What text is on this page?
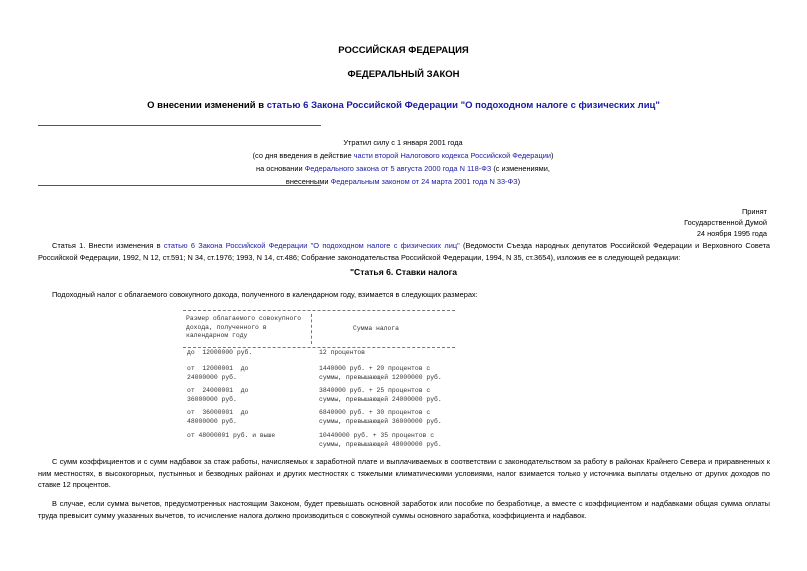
РОССИЙСКАЯ ФЕДЕРАЦИЯ
ФЕДЕРАЛЬНЫЙ ЗАКОН
О внесении изменений в статью 6 Закона Российской Федерации "О подоходном налоге с физических лиц"
Утратил силу с 1 января 2001 года
(со дня введения в действие части второй Налогового кодекса Российской Федерации)
на основании Федерального закона от 5 августа 2000 года N 118-ФЗ (с изменениями,
внесенными Федеральным законом от 24 марта 2001 года N 33-ФЗ)
Принят
Государственной Думой
24 ноября 1995 года
Статья 1. Внести изменения в статью 6 Закона Российской Федерации "О подоходном налоге с физических лиц" (Ведомости Съезда народных депутатов Российской Федерации и Верховного Совета Российской Федерации, 1992, N 12, ст.591; N 34, ст.1976; 1993, N 14, ст.486; Собрание законодательства Российской Федерации, 1994, N 35, ст.3654), изложив ее в следующей редакции:
"Статья 6. Ставки налога
Подоходный налог с облагаемого совокупного дохода, полученного в календарном году, взимается в следующих размерах:
Размер облагаемого совокупного
дохода, полученного в
календарном году
Сумма налога
до  12000000 руб.	12 процентов
от  12000001  до
24000000 руб.
1440000 руб. + 20 процентов с
суммы, превышающей 12000000 руб.
от  24000001  до
36000000 руб.
3840000 руб. + 25 процентов с
суммы, превышающей 24000000 руб.
от  36000001  до
48000000 руб.
6840000 руб. + 30 процентов с
суммы, превышающей 36000000 руб.
от 48000001 руб. и выше	10440000 руб. + 35 процентов с
суммы, превышающей 48000000 руб.
С сумм коэффициентов и с сумм надбавок за стаж работы, начисляемых к заработной плате и выплачиваемых в соответствии с законодательством за работу в районах Крайнего Севера и приравненных к ним местностях, в высокогорных, пустынных и безводных районах и других местностях с тяжелыми климатическими условиями, налог взимается только у источника выплаты отдельно от других доходов по ставке 12 процентов.
В случае, если сумма вычетов, предусмотренных настоящим Законом, будет превышать основной заработок или пособие по безработице, а вместе с коэффициентом и надбавками общая сумма оплаты труда превысит сумму указанных вычетов, то исчисление налога должно производиться с совокупной суммы основного заработка, коэффициента и надбавок.
